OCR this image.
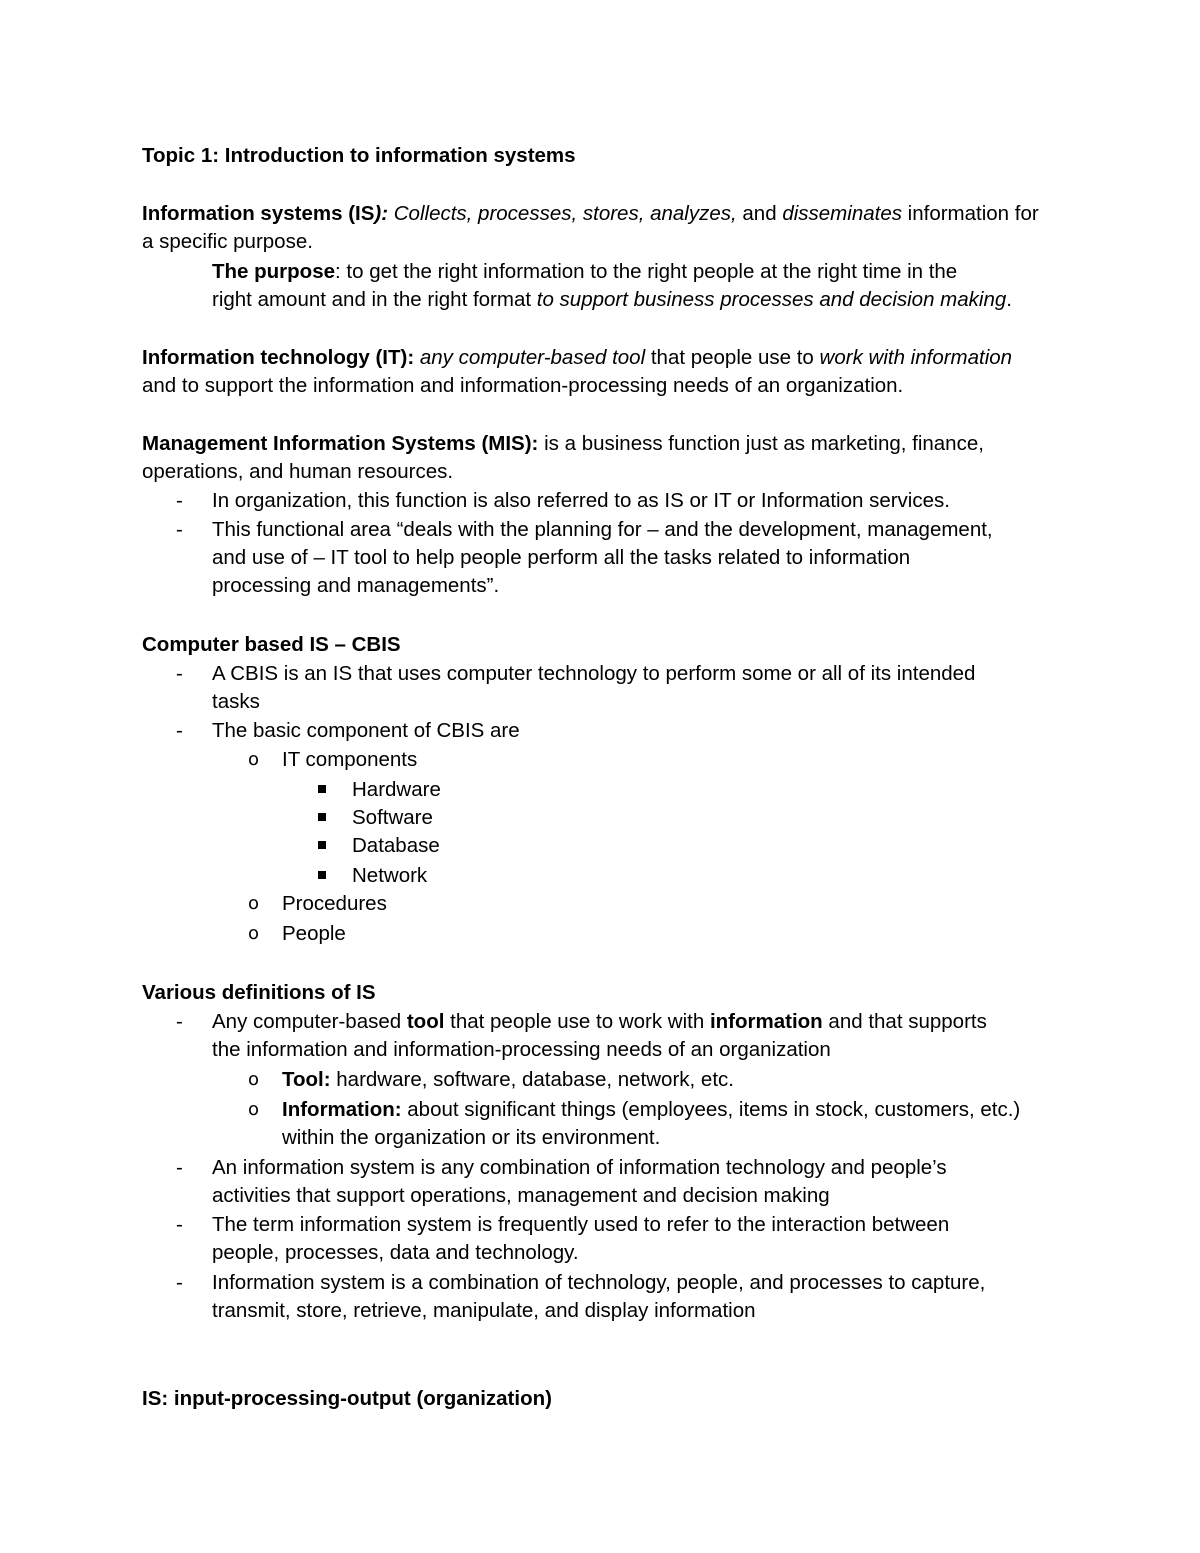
Topic 1: Introduction to information systems
Information systems (IS): Collects, processes, stores, analyzes, and disseminates information for
a specific purpose.
The purpose: to get the right information to the right people at the right time in the
right amount and in the right format to support business processes and decision making.
Information technology (IT): any computer-based tool that people use to work with information
and to support the information and information-processing needs of an organization.
Management Information Systems (MIS): is a business function just as marketing, finance,
operations, and human resources.
-	In organization, this function is also referred to as IS or IT or Information services.
-	This functional area “deals with the planning for – and the development, management,
and use of – IT tool to help people perform all the tasks related to information
processing and managements”.
Computer based IS – CBIS
-	A CBIS is an IS that uses computer technology to perform some or all of its intended
tasks
-	The basic component of CBIS are
o	IT components
Hardware
Software
Database
Network
o	Procedures
o	People
Various definitions of IS
-	Any computer-based tool that people use to work with information and that supports
the information and information-processing needs of an organization
o	Tool: hardware, software, database, network, etc.
o	Information: about significant things (employees, items in stock, customers, etc.)
within the organization or its environment.
-	An information system is any combination of information technology and people’s
activities that support operations, management and decision making
-	The term information system is frequently used to refer to the interaction between
people, processes, data and technology.
-	Information system is a combination of technology, people, and processes to capture,
transmit, store, retrieve, manipulate, and display information
IS: input-processing-output (organization)
